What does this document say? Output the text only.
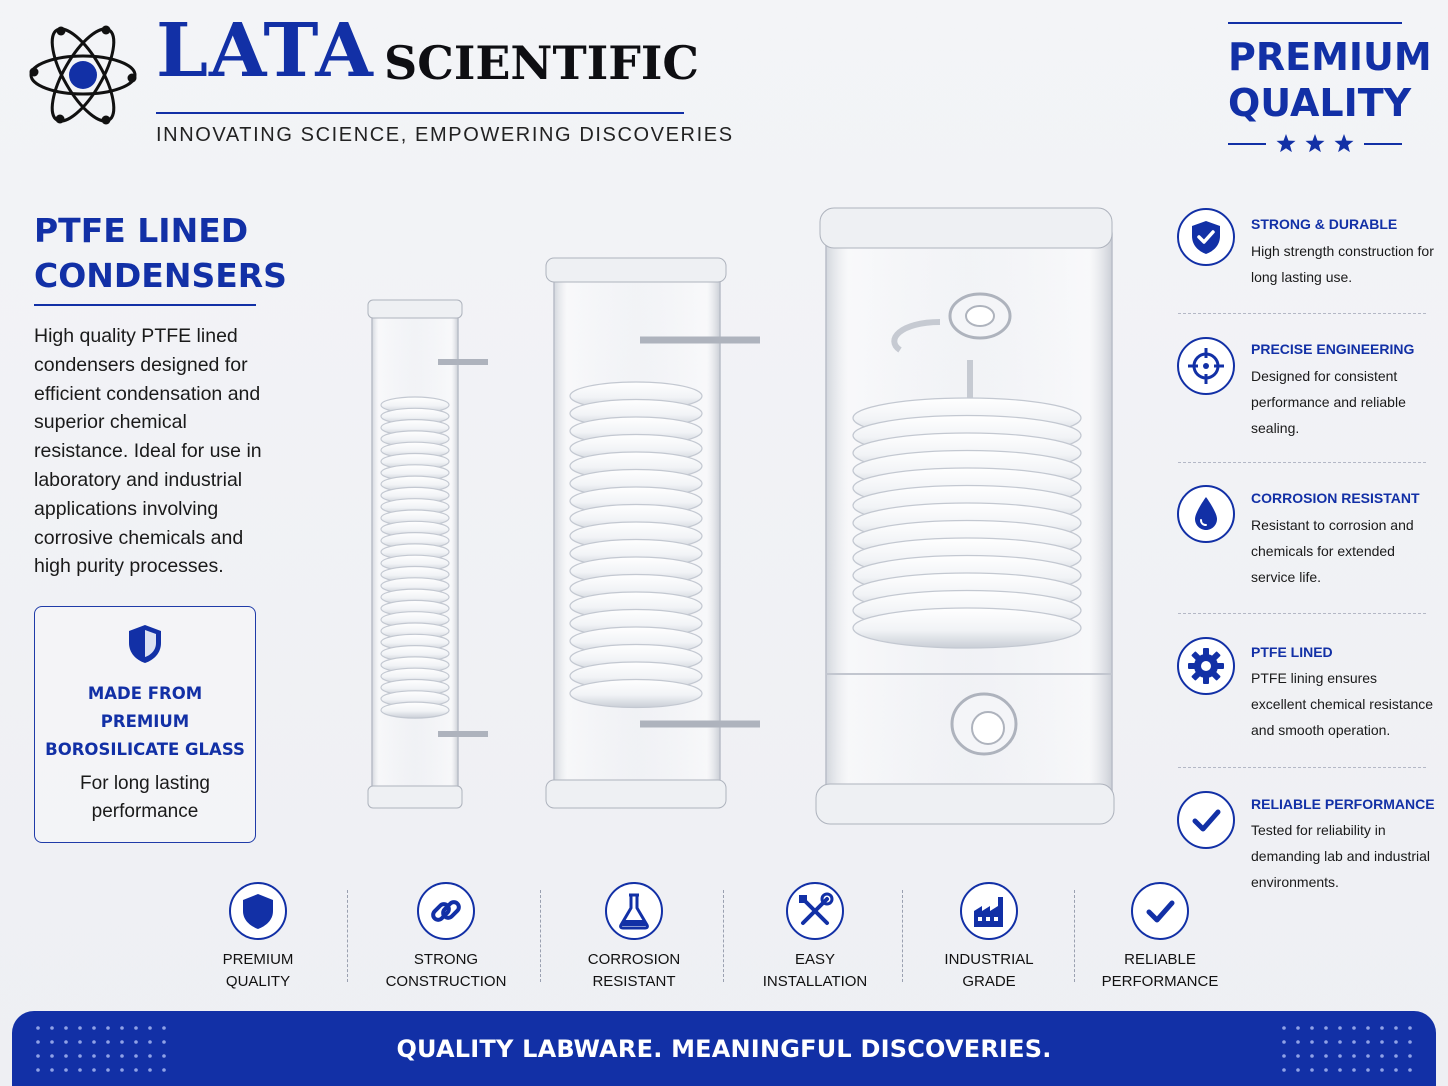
LATA SCIENTIFIC
INNOVATING SCIENCE, EMPOWERING DISCOVERIES
PREMIUM
QUALITY
PTFE LINED
CONDENSERS
High quality PTFE lined condensers designed for efficient condensation and superior chemical resistance. Ideal for use in laboratory and industrial applications involving corrosive chemicals and high purity processes.
MADE FROM
PREMIUM
BOROSILICATE GLASS
For long lasting performance
STRONG & DURABLE
High strength construction for long lasting use.
PRECISE ENGINEERING
Designed for consistent performance and reliable sealing.
CORROSION RESISTANT
Resistant to corrosion and chemicals for extended service life.
PTFE LINED
PTFE lining ensures excellent chemical resistance and smooth operation.
RELIABLE PERFORMANCE
Tested for reliability in demanding lab and industrial environments.
PREMIUM
QUALITY
STRONG
CONSTRUCTION
CORROSION
RESISTANT
EASY
INSTALLATION
INDUSTRIAL
GRADE
RELIABLE
PERFORMANCE
QUALITY LABWARE. MEANINGFUL DISCOVERIES.
